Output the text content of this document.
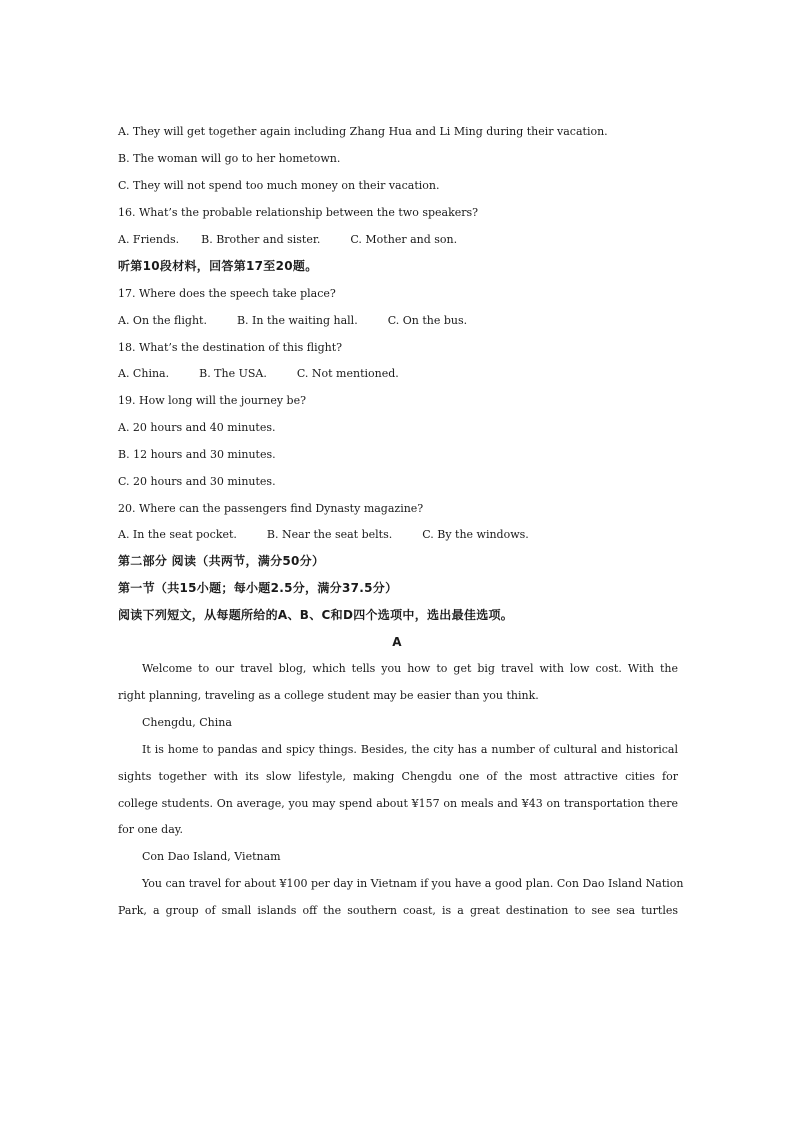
A. They will get together again including Zhang Hua and Li Ming during their vacation.
B. The woman will go to her hometown.
C. They will not spend too much money on their vacation.
16. What’s the probable relationship between the two speakers?
A. Friends. B. Brother and sister.	C. Mother and son.
听第10段材料，回答第17至20题。
17. Where does the speech take place?
A. On the flight.	B. In the waiting hall.	C. On the bus.
18. What’s the destination of this flight?
A. China.	B. The USA.	C. Not mentioned.
19. How long will the journey be?
A. 20 hours and 40 minutes.
B. 12 hours and 30 minutes.
C. 20 hours and 30 minutes.
20. Where can the passengers find Dynasty magazine?
A. In the seat pocket.	B. Near the seat belts.	C. By the windows.
第二部分 阅读（共两节，满分50分）
第一节（共15小题；每小题2.5分，满分37.5分）
阅读下列短文，从每题所给的A、B、C和D四个选项中，选出最佳选项。
A
Welcome to our travel blog, which tells you how to get big travel with low cost. With the
right planning, traveling as a college student may be easier than you think.
Chengdu, China
It is home to pandas and spicy things. Besides, the city has a number of cultural and historical
sights together with its slow lifestyle, making Chengdu one of the most attractive cities for
college students. On average, you may spend about ¥157 on meals and ¥43 on transportation there
for one day.
Con Dao Island, Vietnam
You can travel for about ¥100 per day in Vietnam if you have a good plan. Con Dao Island Nation
Park, a group of small islands off the southern coast, is a great destination to see sea turtles
